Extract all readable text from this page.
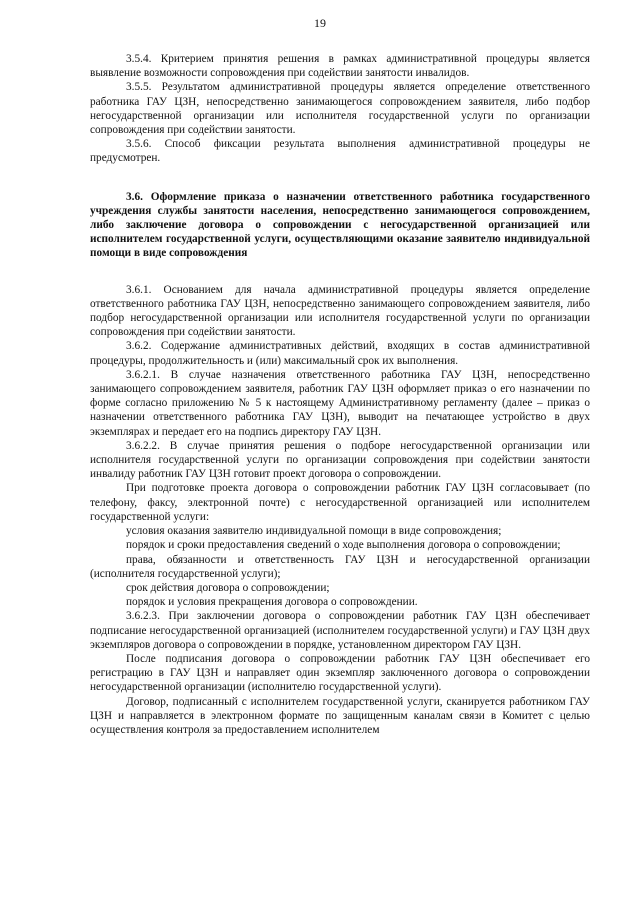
19

3.5.4. Критерием принятия решения в рамках административной процедуры является выявление возможности сопровождения при содействии занятости инвалидов.

3.5.5. Результатом административной процедуры является определение ответственного работника ГАУ ЦЗН, непосредственно занимающегося сопровождением заявителя, либо подбор негосударственной организации или исполнителя государственной услуги по организации сопровождения при содействии занятости.

3.5.6. Способ фиксации результата выполнения административной процедуры не предусмотрен.

3.6. Оформление приказа о назначении ответственного работника государственного учреждения службы занятости населения, непосредственно занимающегося сопровождением, либо заключение договора о сопровождении с негосударственной организацией или исполнителем государственной услуги, осуществляющими оказание заявителю индивидуальной помощи в виде сопровождения

3.6.1. Основанием для начала административной процедуры является определение ответственного работника ГАУ ЦЗН, непосредственно занимающего сопровождением заявителя, либо подбор негосударственной организации или исполнителя государственной услуги по организации сопровождения при содействии занятости.

3.6.2. Содержание административных действий, входящих в состав административной процедуры, продолжительность и (или) максимальный срок их выполнения.

3.6.2.1. В случае назначения ответственного работника ГАУ ЦЗН, непосредственно занимающего сопровождением заявителя, работник ГАУ ЦЗН оформляет приказ о его назначении по форме согласно приложению № 5 к настоящему Административному регламенту (далее – приказ о назначении ответственного работника ГАУ ЦЗН), выводит на печатающее устройство в двух экземплярах и передает его на подпись директору ГАУ ЦЗН.

3.6.2.2. В случае принятия решения о подборе негосударственной организации или исполнителя государственной услуги по организации сопровождения при содействии занятости инвалиду работник ГАУ ЦЗН готовит проект договора о сопровождении.

При подготовке проекта договора о сопровождении работник ГАУ ЦЗН согласовывает (по телефону, факсу, электронной почте) с негосударственной организацией или исполнителем государственной услуги:

условия оказания заявителю индивидуальной помощи в виде сопровождения;

порядок и сроки предоставления сведений о ходе выполнения договора о сопровождении;

права, обязанности и ответственность ГАУ ЦЗН и негосударственной организации (исполнителя государственной услуги);

срок действия договора о сопровождении;

порядок и условия прекращения договора о сопровождении.

3.6.2.3. При заключении договора о сопровождении работник ГАУ ЦЗН обеспечивает подписание негосударственной организацией (исполнителем государственной услуги) и ГАУ ЦЗН двух экземпляров договора о сопровождении в порядке, установленном директором ГАУ ЦЗН.

После подписания договора о сопровождении работник ГАУ ЦЗН обеспечивает его регистрацию в ГАУ ЦЗН и направляет один экземпляр заключенного договора о сопровождении негосударственной организации (исполнителю государственной услуги).

Договор, подписанный с исполнителем государственной услуги, сканируется работником ГАУ ЦЗН и направляется в электронном формате по защищенным каналам связи в Комитет с целью осуществления контроля за предоставлением исполнителем
